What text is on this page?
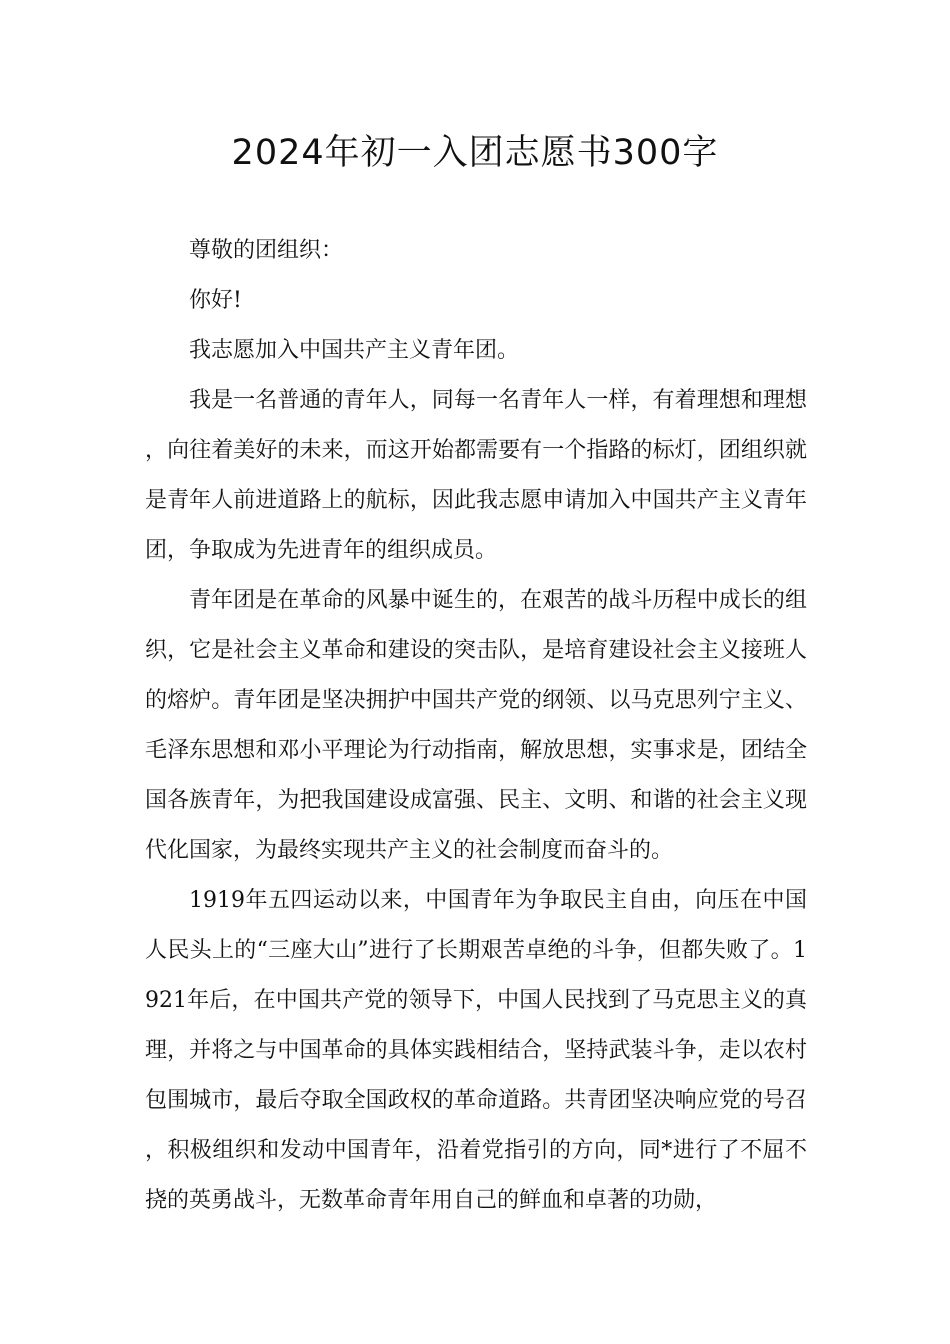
2024年初一入团志愿书300字

尊敬的团组织：

你好!

我志愿加入中国共产主义青年团。

我是一名普通的青年人，同每一名青年人一样，有着理想和理想，向往着美好的未来，而这开始都需要有一个指路的标灯，团组织就是青年人前进道路上的航标，因此我志愿申请加入中国共产主义青年团，争取成为先进青年的组织成员。

青年团是在革命的风暴中诞生的，在艰苦的战斗历程中成长的组织，它是社会主义革命和建设的突击队，是培育建设社会主义接班人的熔炉。青年团是坚决拥护中国共产党的纲领、以马克思列宁主义、毛泽东思想和邓小平理论为行动指南，解放思想，实事求是，团结全国各族青年，为把我国建设成富强、民主、文明、和谐的社会主义现代化国家，为最终实现共产主义的社会制度而奋斗的。

1919年五四运动以来，中国青年为争取民主自由，向压在中国人民头上的“三座大山”进行了长期艰苦卓绝的斗争，但都失败了。1921年后，在中国共产党的领导下，中国人民找到了马克思主义的真理，并将之与中国革命的具体实践相结合，坚持武装斗争，走以农村包围城市，最后夺取全国政权的革命道路。共青团坚决响应党的号召，积极组织和发动中国青年，沿着党指引的方向，同*进行了不屈不挠的英勇战斗，无数革命青年用自己的鲜血和卓著的功勋，
